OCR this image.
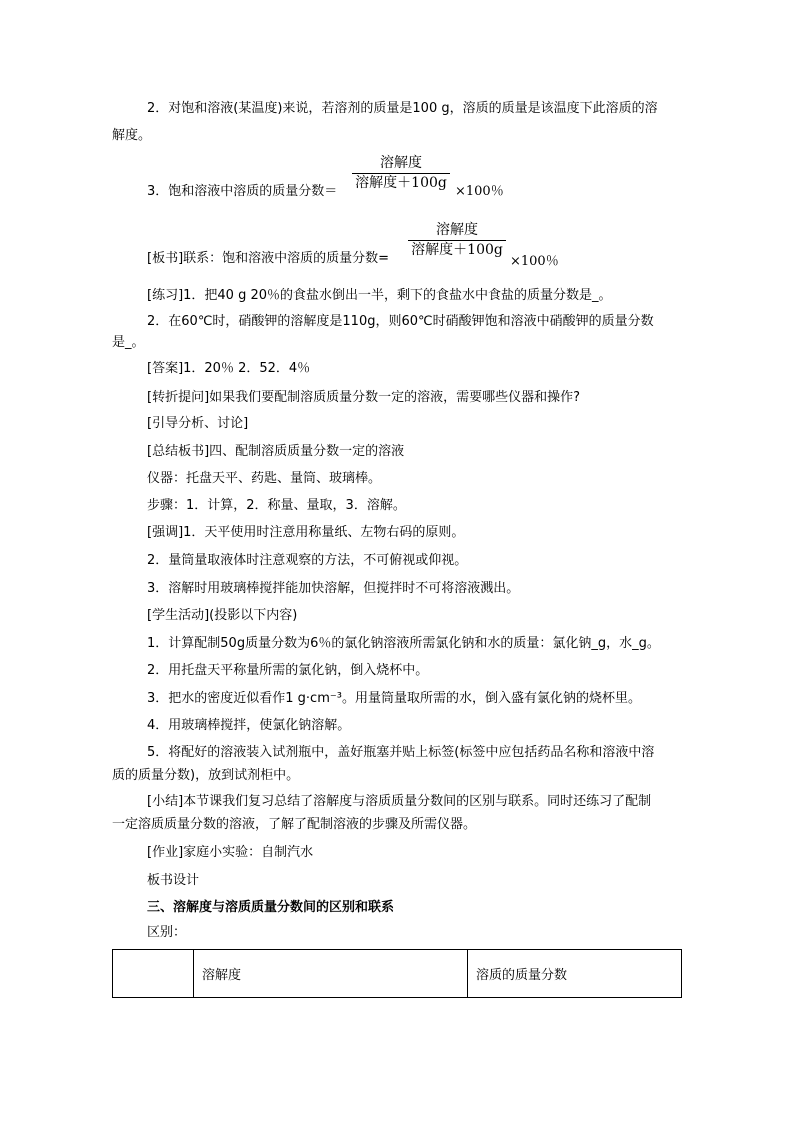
2．对饱和溶液(某温度)来说，若溶剂的质量是100 g，溶质的质量是该温度下此溶质的溶
解度。
溶解度
溶解度＋100g
3．饱和溶液中溶质的质量分数＝	×100％
溶解度
溶解度＋100g
[板书]联系：饱和溶液中溶质的质量分数=	×100％
[练习]1．把40 g 20％的食盐水倒出一半，剩下的食盐水中食盐的质量分数是_。
2．在60℃时，硝酸钾的溶解度是110g，则60℃时硝酸钾饱和溶液中硝酸钾的质量分数
是_。
[答案]1．20％ 2．52．4％
[转折提问]如果我们要配制溶质质量分数一定的溶液，需要哪些仪器和操作?
[引导分析、讨论]
[总结板书]四、配制溶质质量分数一定的溶液
仪器：托盘天平、药匙、量筒、玻璃棒。
步骤：1．计算，2．称量、量取，3．溶解。
[强调]1．天平使用时注意用称量纸、左物右码的原则。
2．量筒量取液体时注意观察的方法，不可俯视或仰视。
3．溶解时用玻璃棒搅拌能加快溶解，但搅拌时不可将溶液溅出。
[学生活动](投影以下内容)
1．计算配制50g质量分数为6％的氯化钠溶液所需氯化钠和水的质量：氯化钠_g，水_g。
2．用托盘天平称量所需的氯化钠，倒入烧杯中。
3．把水的密度近似看作1 g·cm⁻³。用量筒量取所需的水，倒入盛有氯化钠的烧杯里。
4．用玻璃棒搅拌，使氯化钠溶解。
5．将配好的溶液装入试剂瓶中，盖好瓶塞并贴上标签(标签中应包括药品名称和溶液中溶
质的质量分数)，放到试剂柜中。
[小结]本节课我们复习总结了溶解度与溶质质量分数间的区别与联系。同时还练习了配制
一定溶质质量分数的溶液，了解了配制溶液的步骤及所需仪器。
[作业]家庭小实验：自制汽水
板书设计
三、溶解度与溶质质量分数间的区别和联系
区别：
	溶解度	溶质的质量分数
